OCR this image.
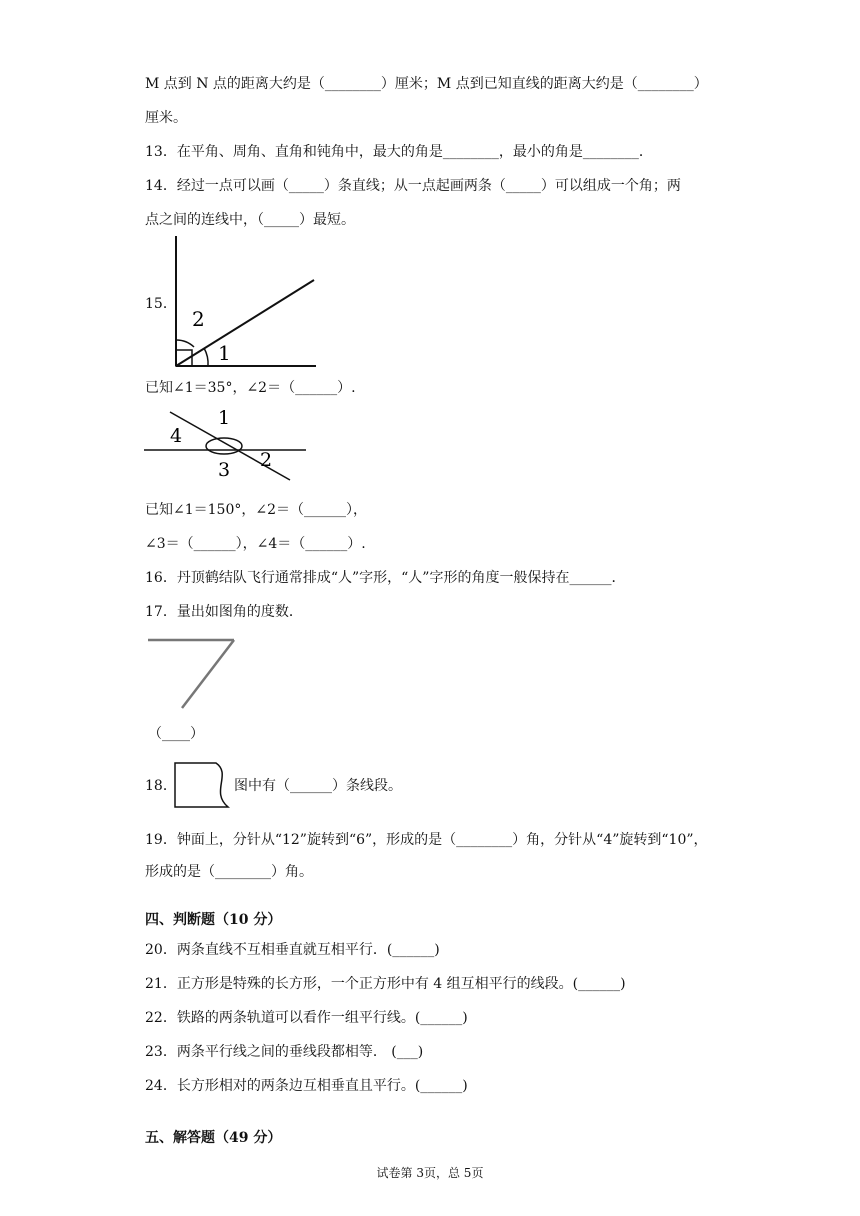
M 点到 N 点的距离大约是（________）厘米；M 点到已知直线的距离大约是（________）
厘米。
13．在平角、周角、直角和钝角中，最大的角是________，最小的角是________．
14．经过一点可以画（_____）条直线；从一点起画两条（_____）可以组成一个角；两
点之间的连线中，（_____）最短。
15．
2
1
已知∠1＝35°，∠2＝（______）.
1
4
3 2
已知∠1＝150°，∠2＝（______），
∠3＝（______），∠4＝（______）.
16．丹顶鹤结队飞行通常排成“人”字形，“人”字形的角度一般保持在______．
17．量出如图角的度数．
（____）
18．	图中有（______）条线段。
19．钟面上，分针从“12”旋转到“6”，形成的是（________）角，分针从“4”旋转到“10”，
形成的是（________）角。
四、判断题（10 分）
20．两条直线不互相垂直就互相平行．(______)
21．正方形是特殊的长方形，一个正方形中有 4 组互相平行的线段。(______)
22．铁路的两条轨道可以看作一组平行线。(______)
23．两条平行线之间的垂线段都相等． (___)
24．长方形相对的两条边互相垂直且平行。(______)
五、解答题（49 分）
试卷第 3页，总 5页
